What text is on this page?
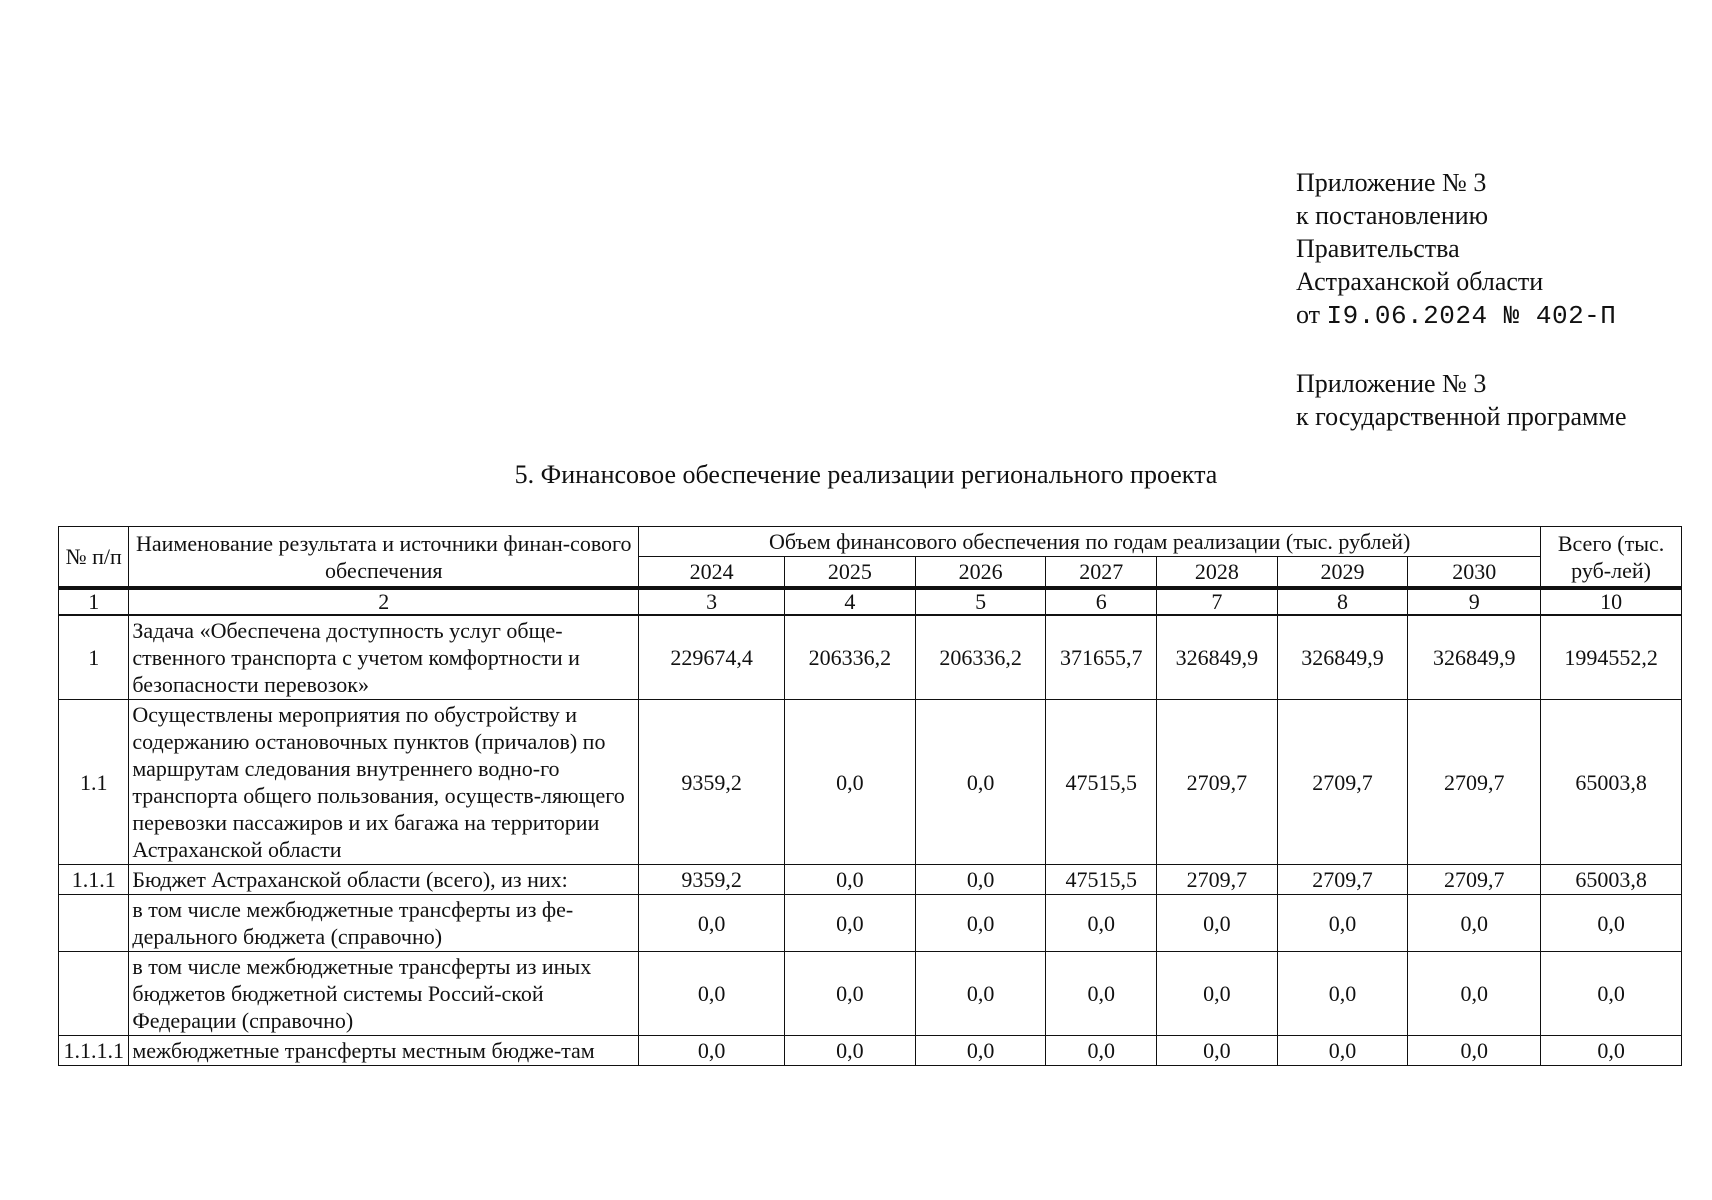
Приложение № 3
к постановлению
Правительства
Астраханской области
от I9.06.2024 № 402-П
Приложение № 3
к государственной программе
5. Финансовое обеспечение реализации регионального проекта
№ п/п	Наименование результата и источники финан-сового обеспечения	Объем финансового обеспечения по годам реализации (тыс. рублей)							Всего (тыс. руб-лей)
		2024	2025	2026	2027	2028	2029	2030	
1	2	3	4	5	6	7	8	9	10
1	Задача «Обеспечена доступность услуг обще-ственного транспорта с учетом комфортности и безопасности перевозок»	229674,4	206336,2	206336,2	371655,7	326849,9	326849,9	326849,9	1994552,2
1.1	Осуществлены мероприятия по обустройству и содержанию остановочных пунктов (причалов) по маршрутам следования внутреннего водно-го транспорта общего пользования, осуществ-ляющего перевозки пассажиров и их багажа на территории Астраханской области	9359,2	0,0	0,0	47515,5	2709,7	2709,7	2709,7	65003,8
1.1.1	Бюджет Астраханской области (всего), из них:	9359,2	0,0	0,0	47515,5	2709,7	2709,7	2709,7	65003,8
	в том числе межбюджетные трансферты из фе-дерального бюджета (справочно)	0,0	0,0	0,0	0,0	0,0	0,0	0,0	0,0
	в том числе межбюджетные трансферты из иных бюджетов бюджетной системы Россий-ской Федерации (справочно)	0,0	0,0	0,0	0,0	0,0	0,0	0,0	0,0
1.1.1.1	межбюджетные трансферты местным бюдже-там	0,0	0,0	0,0	0,0	0,0	0,0	0,0	0,0
